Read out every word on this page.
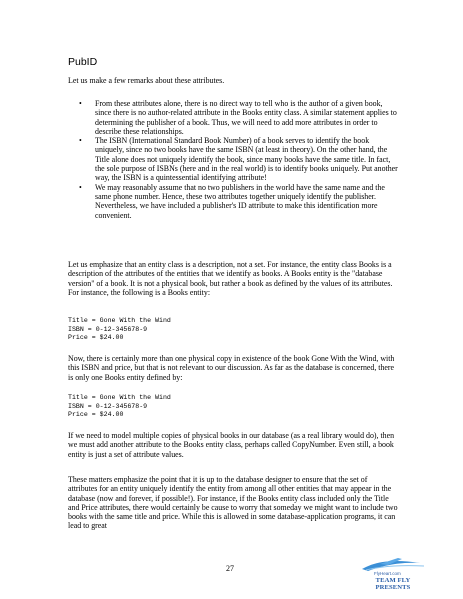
PubID
Let us make a few remarks about these attributes.
• From these attributes alone, there is no direct way to tell who is the author of a given book, since there is no author-related attribute in the Books entity class. A similar statement applies to determining the publisher of a book. Thus, we will need to add more attributes in order to describe these relationships.
• The ISBN (International Standard Book Number) of a book serves to identify the book uniquely, since no two books have the same ISBN (at least in theory). On the other hand, the Title alone does not uniquely identify the book, since many books have the same title. In fact, the sole purpose of ISBNs (here and in the real world) is to identify books uniquely. Put another way, the ISBN is a quintessential identifying attribute!
• We may reasonably assume that no two publishers in the world have the same name and the same phone number. Hence, these two attributes together uniquely identify the publisher. Nevertheless, we have included a publisher's ID attribute to make this identification more convenient.
Let us emphasize that an entity class is a description, not a set. For instance, the entity class Books is a description of the attributes of the entities that we identify as books. A Books entity is the "database version" of a book. It is not a physical book, but rather a book as defined by the values of its attributes. For instance, the following is a Books entity:
Title = Gone With the Wind
ISBN = 0-12-345678-9
Price = $24.00
Now, there is certainly more than one physical copy in existence of the book Gone With the Wind, with this ISBN and price, but that is not relevant to our discussion. As far as the database is concerned, there is only one Books entity defined by:
Title = Gone With the Wind
ISBN = 0-12-345678-9
Price = $24.00
If we need to model multiple copies of physical books in our database (as a real library would do), then we must add another attribute to the Books entity class, perhaps called CopyNumber. Even still, a book entity is just a set of attribute values.
These matters emphasize the point that it is up to the database designer to ensure that the set of attributes for an entity uniquely identify the entity from among all other entities that may appear in the database (now and forever, if possible!). For instance, if the Books entity class included only the Title and Price attributes, there would certainly be cause to worry that someday we might want to include two books with the same title and price. While this is allowed in some database-application programs, it can lead to great
27
FlyHeart.com
TEAM FLY PRESENTS
